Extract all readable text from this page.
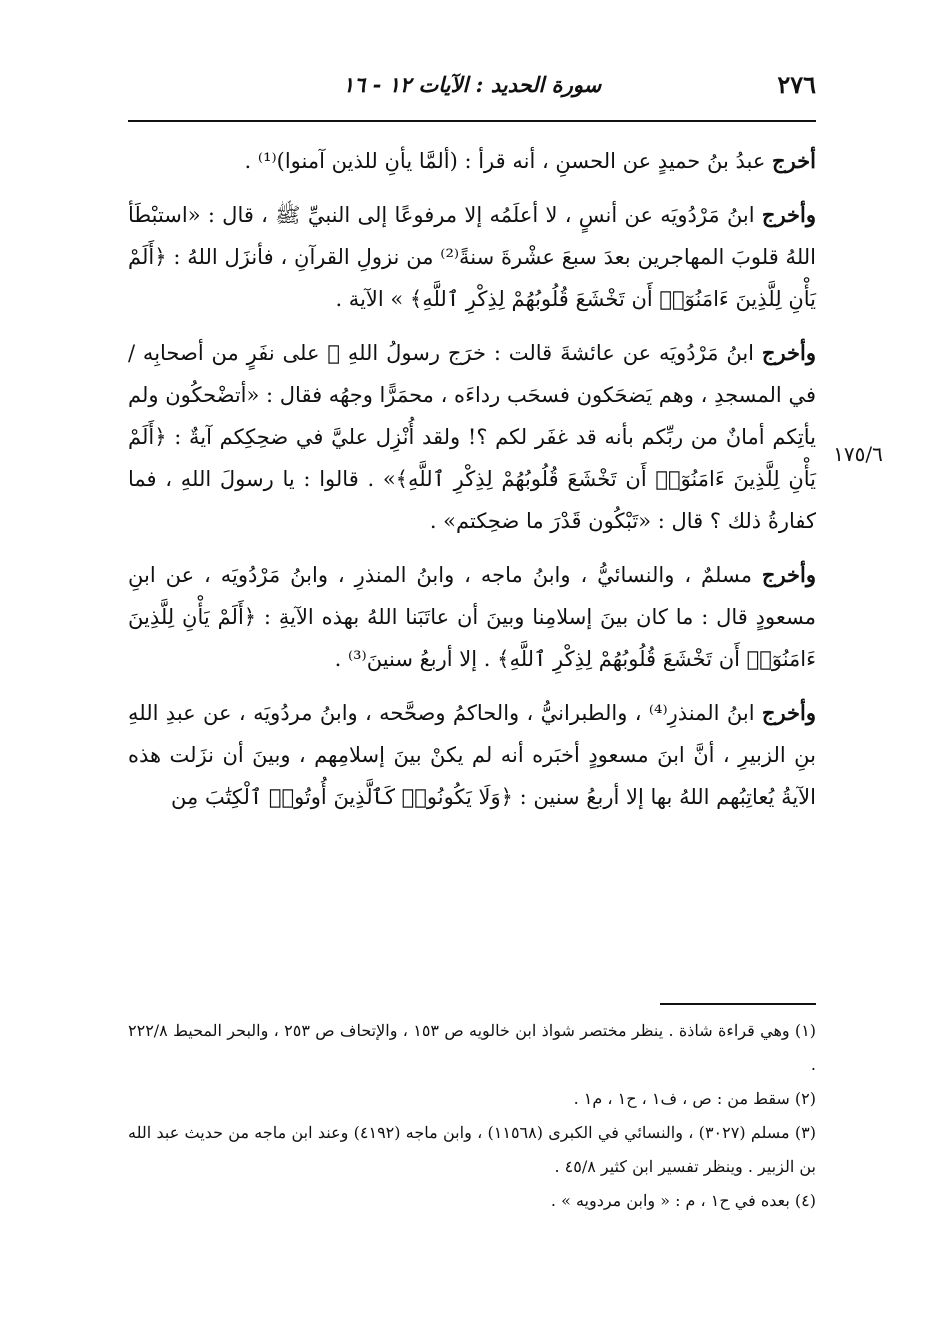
٢٧٦
سورة الحديد : الآيات ١٢ - ١٦

أخرج عبدُ بنُ حميدٍ عن الحسنِ ، أنه قرأ : (ألمَّا يأنِ للذين آمنوا)⁽¹⁾ .

وأخرج ابنُ مَرْدُويَه عن أنسٍ ، لا أعلَمُه إلا مرفوعًا إلى النبيِّ ﷺ ، قال : «استبْطَأ اللهُ قلوبَ المهاجرين بعدَ سبعَ عشْرةَ سنةً⁽²⁾ من نزولِ القرآنِ ، فأنزَل اللهُ : ﴿أَلَمْ يَأْنِ لِلَّذِينَ ءَامَنُوٓا۟ أَن تَخْشَعَ قُلُوبُهُمْ لِذِكْرِ ٱللَّهِ﴾ » الآية .

وأخرج ابنُ مَرْدُويَه عن عائشةَ قالت : خرَج رسولُ اللهِ ﷺ على نفَرٍ من أصحابِه / في المسجدِ ، وهم يَضحَكون فسحَب رداءَه ، محمَرًّا وجهُه فقال : «أتضْحكُون ولم يأتِكم أمانٌ من ربِّكم بأنه قد غفَر لكم ؟! ولقد أُنْزِل عليَّ في ضحِكِكم آيةٌ : ﴿أَلَمْ يَأْنِ لِلَّذِينَ ءَامَنُوٓا۟ أَن تَخْشَعَ قُلُوبُهُمْ لِذِكْرِ ٱللَّهِ﴾» . قالوا : يا رسولَ اللهِ ، فما كفارةُ ذلك ؟ قال : «تَبْكُون قَدْرَ ما ضحِكتم» .

وأخرج مسلمٌ ، والنسائيُّ ، وابنُ ماجه ، وابنُ المنذرِ ، وابنُ مَرْدُويَه ، عن ابنِ مسعودٍ قال : ما كان بينَ إسلامِنا وبينَ أن عاتَبَنا اللهُ بهذه الآيةِ : ﴿أَلَمْ يَأْنِ لِلَّذِينَ ءَامَنُوٓا۟ أَن تَخْشَعَ قُلُوبُهُمْ لِذِكْرِ ٱللَّهِ﴾ . إلا أربعُ سنينَ⁽³⁾ .

وأخرج ابنُ المنذرِ⁽⁴⁾ ، والطبرانيُّ ، والحاكمُ وصحَّحه ، وابنُ مردُويَه ، عن عبدِ اللهِ بنِ الزبيرِ ، أنَّ ابنَ مسعودٍ أخبَره أنه لم يكنْ بينَ إسلامِهم ، وبينَ أن نزَلت هذه الآيةُ يُعاتِبُهم اللهُ بها إلا أربعُ سنين : ﴿وَلَا يَكُونُوا۟ كَٱلَّذِينَ أُوتُوا۟ ٱلْكِتَٰبَ مِن

١٧٥/٦

(١) وهي قراءة شاذة . ينظر مختصر شواذ ابن خالويه ص ١٥٣ ، والإتحاف ص ٢٥٣ ، والبحر المحيط ٢٢٢/٨ .

(٢) سقط من : ص ، ف١ ، ح١ ، م١ .

(٣) مسلم (٣٠٢٧) ، والنسائي في الكبرى (١١٥٦٨) ، وابن ماجه (٤١٩٢) وعند ابن ماجه من حديث عبد الله بن الزبير . وينظر تفسير ابن كثير ٤٥/٨ .

(٤) بعده في ح١ ، م : « وابن مردويه » .
